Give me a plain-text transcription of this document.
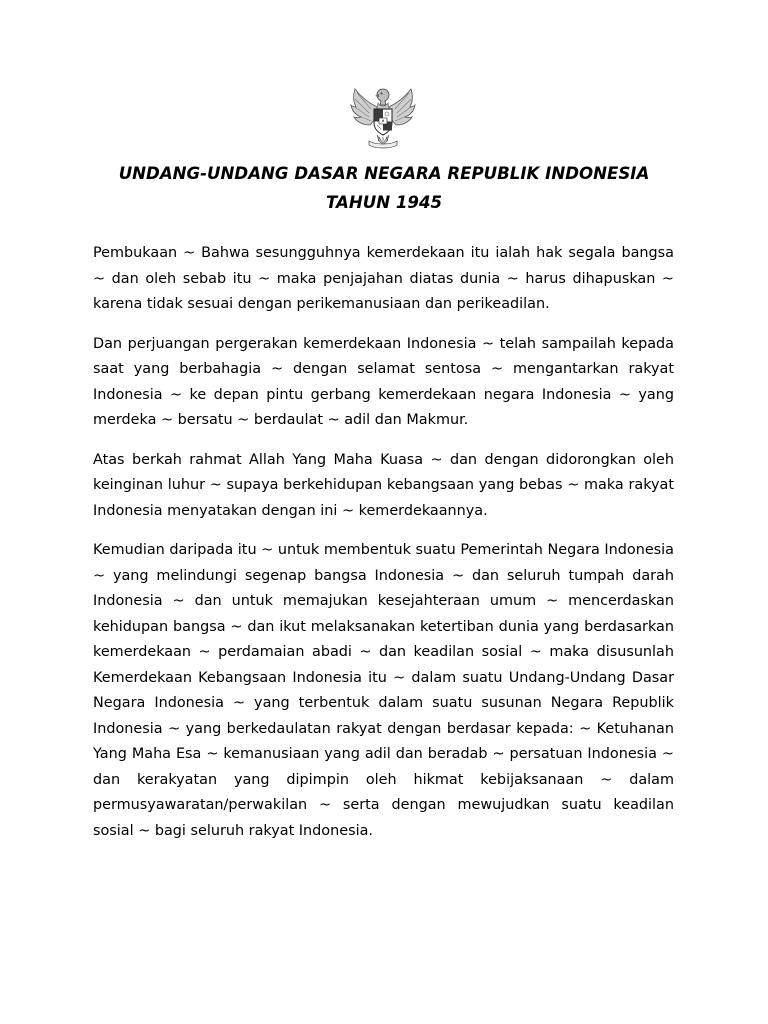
UNDANG-UNDANG DASAR NEGARA REPUBLIK INDONESIA
TAHUN 1945

Pembukaan ~ Bahwa sesungguhnya kemerdekaan itu ialah hak segala bangsa ~ dan oleh sebab itu ~ maka penjajahan diatas dunia ~ harus dihapuskan ~ karena tidak sesuai dengan perikemanusiaan dan perikeadilan.

Dan perjuangan pergerakan kemerdekaan Indonesia ~ telah sampailah kepada saat yang berbahagia ~ dengan selamat sentosa ~ mengantarkan rakyat Indonesia ~ ke depan pintu gerbang kemerdekaan negara Indonesia ~ yang merdeka ~ bersatu ~ berdaulat ~ adil dan Makmur.

Atas berkah rahmat Allah Yang Maha Kuasa ~ dan dengan didorongkan oleh keinginan luhur ~ supaya berkehidupan kebangsaan yang bebas ~ maka rakyat Indonesia menyatakan dengan ini ~ kemerdekaannya.

Kemudian daripada itu ~ untuk membentuk suatu Pemerintah Negara Indonesia ~ yang melindungi segenap bangsa Indonesia ~ dan seluruh tumpah darah Indonesia ~ dan untuk memajukan kesejahteraan umum ~ mencerdaskan kehidupan bangsa ~ dan ikut melaksanakan ketertiban dunia yang berdasarkan kemerdekaan ~ perdamaian abadi ~ dan keadilan sosial ~ maka disusunlah Kemerdekaan Kebangsaan Indonesia itu ~ dalam suatu Undang-Undang Dasar Negara Indonesia ~ yang terbentuk dalam suatu susunan Negara Republik Indonesia ~ yang berkedaulatan rakyat dengan berdasar kepada: ~ Ketuhanan Yang Maha Esa ~ kemanusiaan yang adil dan beradab ~ persatuan Indonesia ~ dan kerakyatan yang dipimpin oleh hikmat kebijaksanaan ~ dalam permusyawaratan/perwakilan ~ serta dengan mewujudkan suatu keadilan sosial ~ bagi seluruh rakyat Indonesia.
